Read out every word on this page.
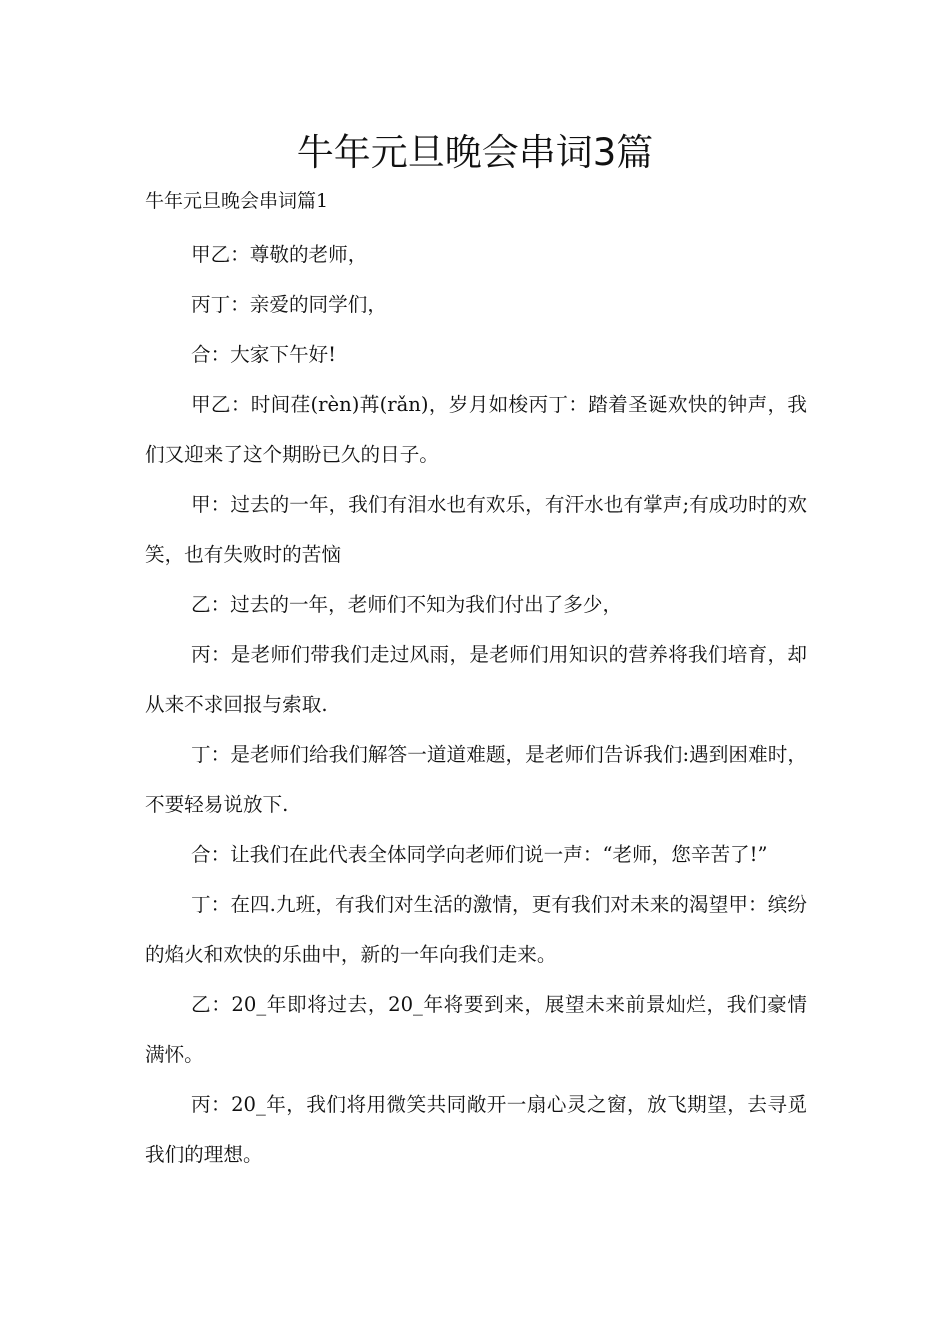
牛年元旦晚会串词3篇

牛年元旦晚会串词篇1

甲乙：尊敬的老师，

丙丁：亲爱的同学们，

合：大家下午好!

甲乙：时间荏(rèn)苒(rǎn)，岁月如梭丙丁：踏着圣诞欢快的钟声，我们又迎来了这个期盼已久的日子。

甲：过去的一年，我们有泪水也有欢乐，有汗水也有掌声;有成功时的欢笑，也有失败时的苦恼

乙：过去的一年，老师们不知为我们付出了多少，

丙：是老师们带我们走过风雨，是老师们用知识的营养将我们培育，却从来不求回报与索取.

丁：是老师们给我们解答一道道难题，是老师们告诉我们:遇到困难时，不要轻易说放下.

合：让我们在此代表全体同学向老师们说一声：“老师，您辛苦了!”

丁：在四.九班，有我们对生活的激情，更有我们对未来的渴望甲：缤纷的焰火和欢快的乐曲中，新的一年向我们走来。

乙：20_年即将过去，20_年将要到来，展望未来前景灿烂，我们豪情满怀。

丙：20_年，我们将用微笑共同敞开一扇心灵之窗，放飞期望，去寻觅我们的理想。
